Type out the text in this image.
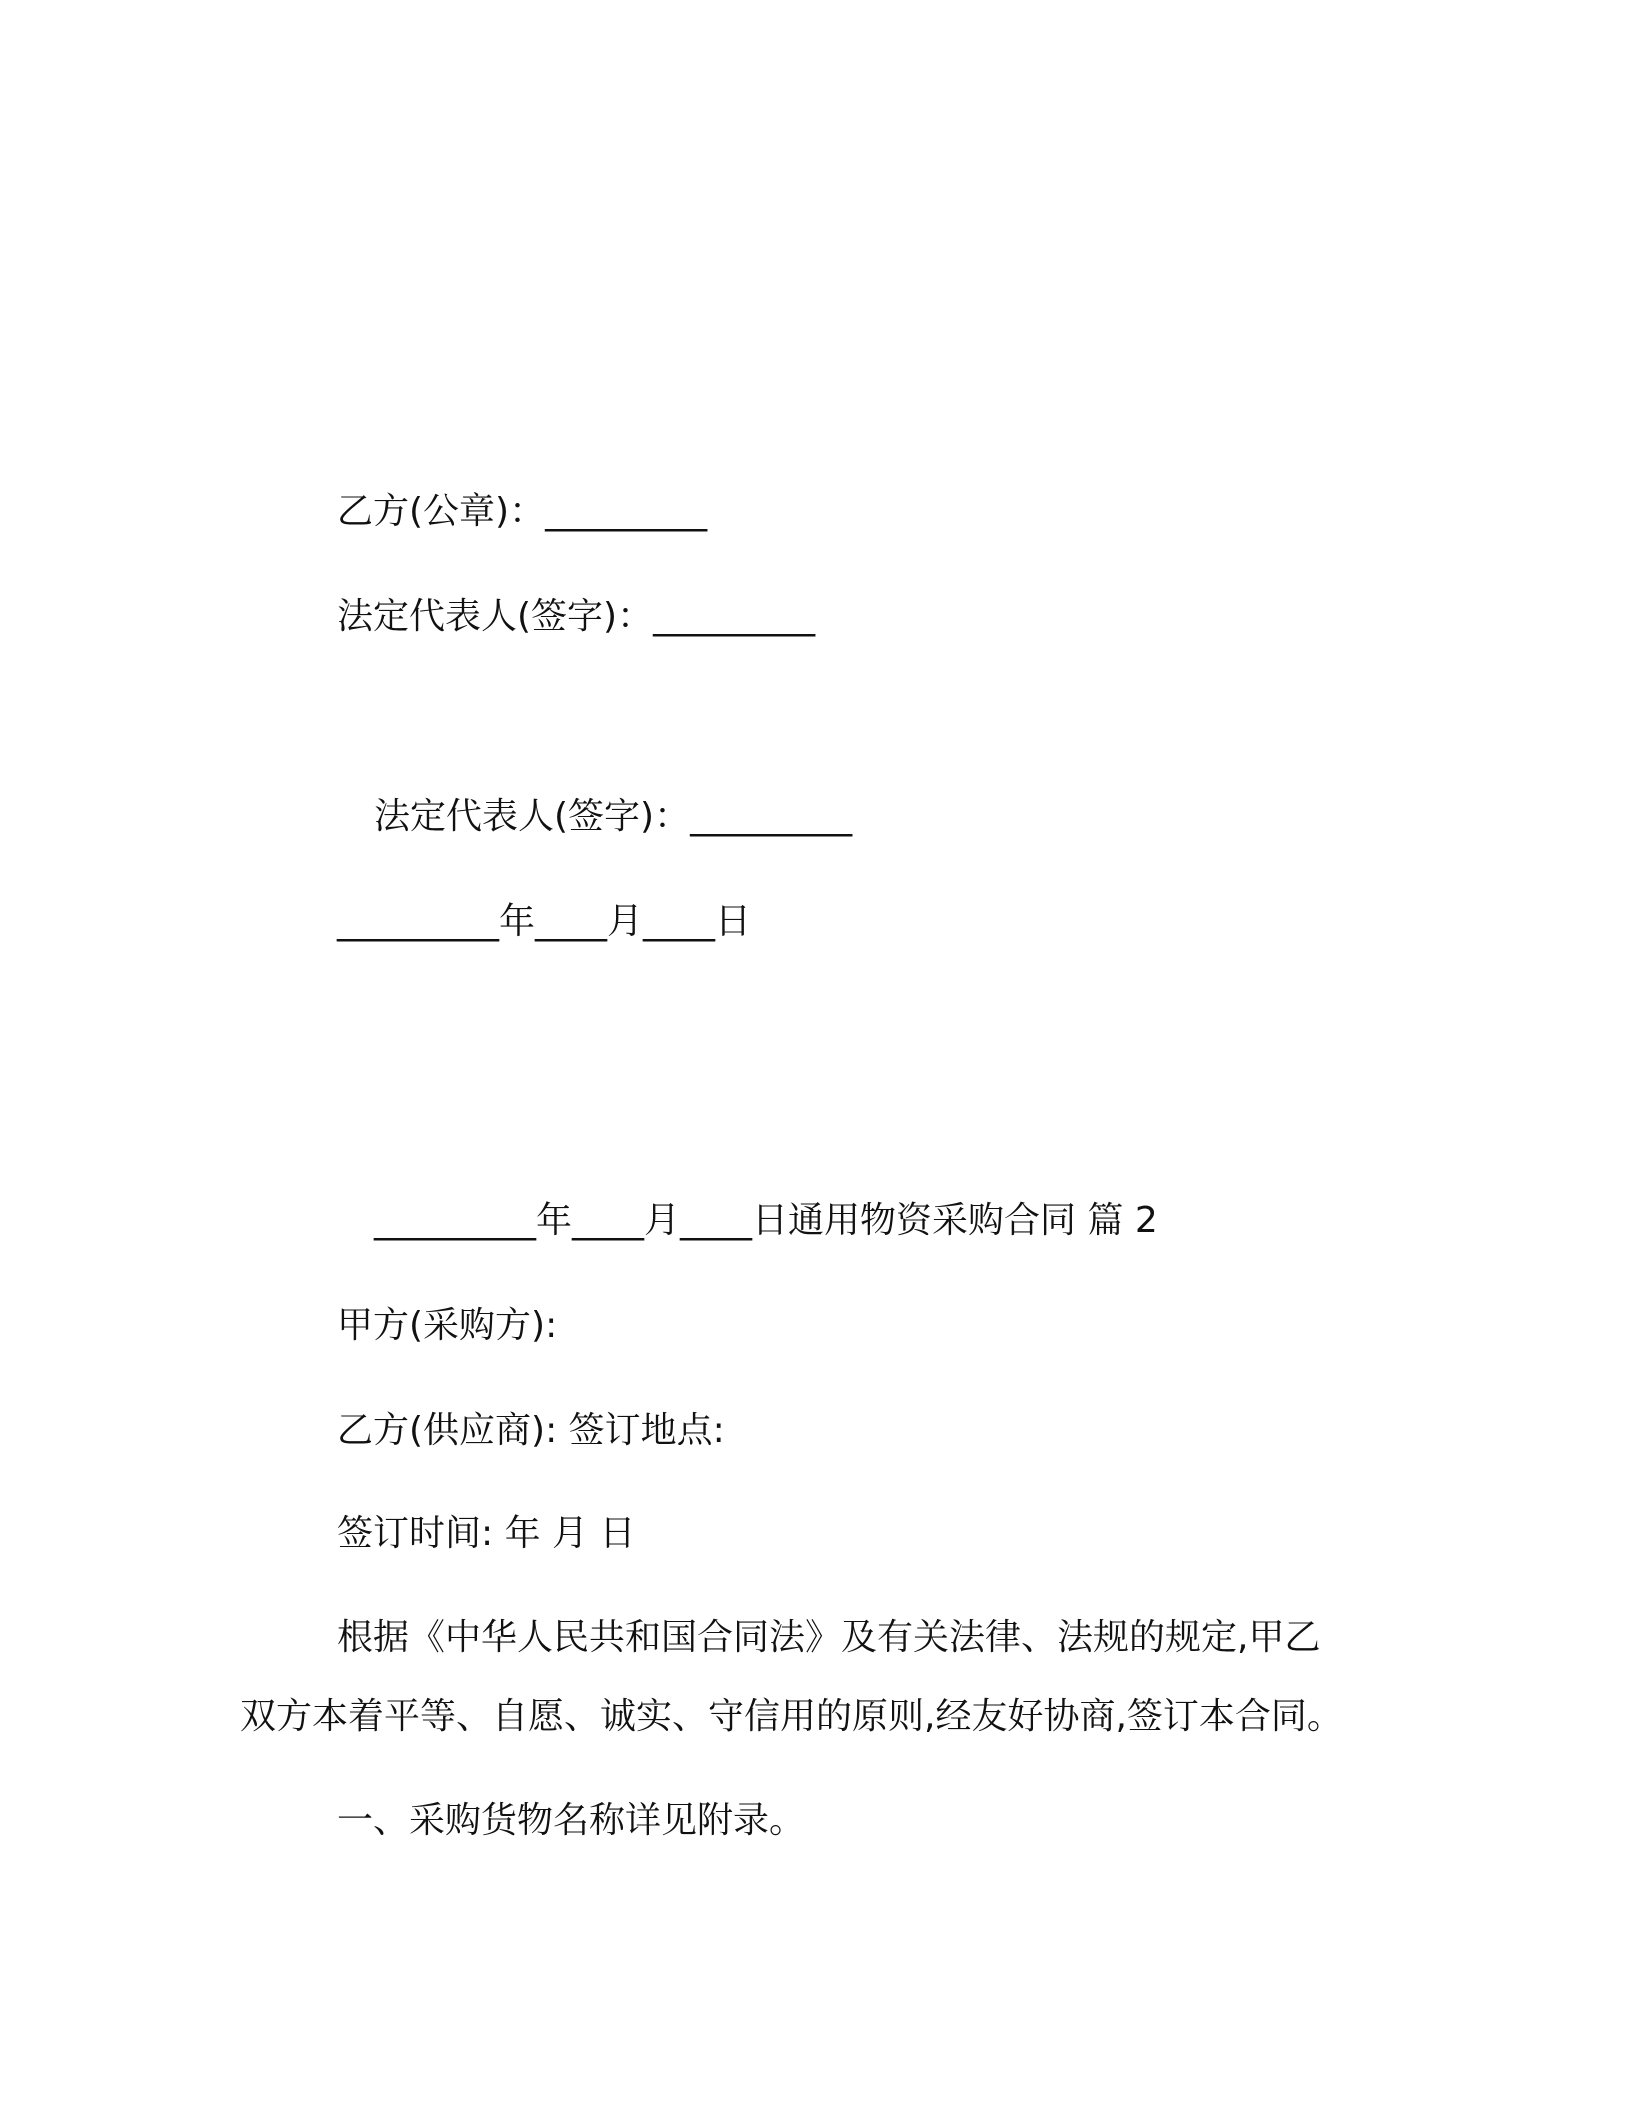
乙方(公章)：_________
法定代表人(签字)：_________
法定代表人(签字)：_________
_________年____月____日
_________年____月____日通用物资采购合同 篇 2
甲方(采购方):
乙方(供应商): 签订地点:
签订时间: 年 月 日
根据《中华人民共和国合同法》及有关法律、法规的规定,甲乙
双方本着平等、自愿、诚实、守信用的原则,经友好协商,签订本合同。
一、采购货物名称详见附录。
